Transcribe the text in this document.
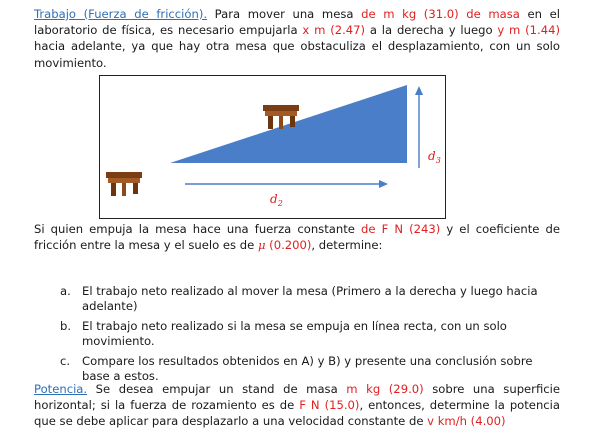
Trabajo (Fuerza de fricción). Para mover una mesa de m kg (31.0) de masa en el laboratorio de física, es necesario empujarla x m (2.47) a la derecha y luego y m (1.44) hacia adelante, ya que hay otra mesa que obstaculiza el desplazamiento, con un solo movimiento.

$d_2$
$d_3$

Si quien empuja la mesa hace una fuerza constante de F N (243) y el coeficiente de fricción entre la mesa y el suelo es de μ (0.200), determine:

a. El trabajo neto realizado al mover la mesa (Primero a la derecha y luego hacia adelante)
b. El trabajo neto realizado si la mesa se empuja en línea recta, con un solo movimiento.
c. Compare los resultados obtenidos en A) y B) y presente una conclusión sobre base a estos.

Potencia. Se desea empujar un stand de masa m kg (29.0) sobre una superficie horizontal; si la fuerza de rozamiento es de F N (15.0), entonces, determine la potencia que se debe aplicar para desplazarlo a una velocidad constante de v km/h (4.00)
